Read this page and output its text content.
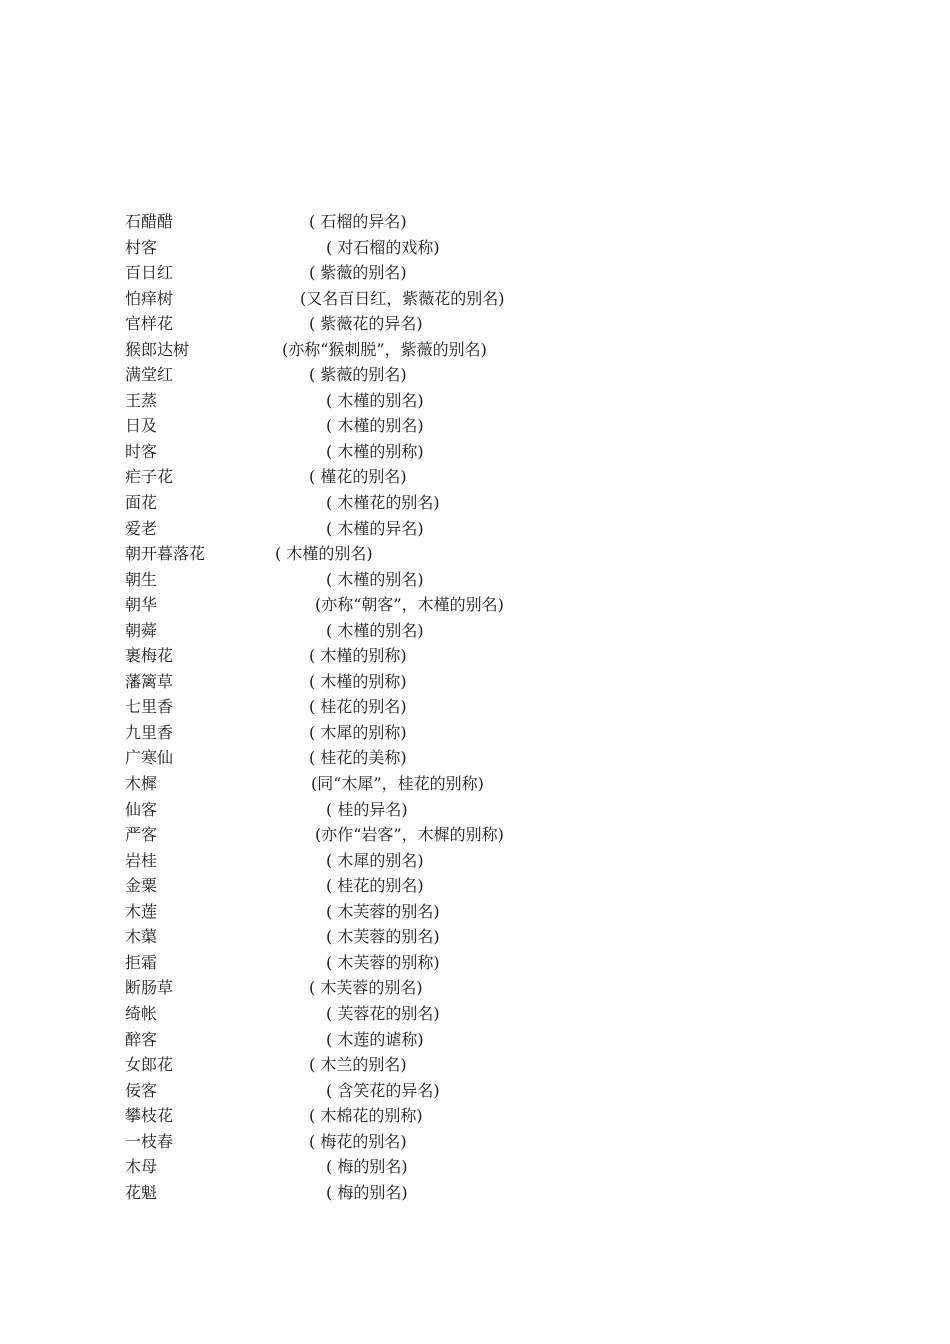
石醋醋	( 石榴的异名)
村客	( 对石榴的戏称)
百日红	( 紫薇的别名)
怕痒树	(又名百日红，紫薇花的别名)
官样花	( 紫薇花的异名)
猴郎达树	(亦称“猴刺脱”，紫薇的别名)
满堂红	( 紫薇的别名)
王蒸	( 木槿的别名)
日及	( 木槿的别名)
时客	( 木槿的别称)
疟子花	( 槿花的别名)
面花	( 木槿花的别名)
爱老	( 木槿的异名)
朝开暮落花	( 木槿的别名)
朝生	( 木槿的别名)
朝华	(亦称“朝客”，木槿的别名)
朝蕣	( 木槿的别名)
裹梅花	( 木槿的别称)
藩篱草	( 木槿的别称)
七里香	( 桂花的别名)
九里香	( 木犀的别称)
广寒仙	( 桂花的美称)
木樨	(同“木犀”，桂花的别称)
仙客	( 桂的异名)
严客	(亦作“岩客”，木樨的别称)
岩桂	( 木犀的别名)
金粟	( 桂花的别名)
木莲	( 木芙蓉的别名)
木蕖	( 木芙蓉的别名)
拒霜	( 木芙蓉的别称)
断肠草	( 木芙蓉的别名)
绮帐	( 芙蓉花的别名)
醉客	( 木莲的谑称)
女郎花	( 木兰的别名)
佞客	( 含笑花的异名)
攀枝花	( 木棉花的别称)
一枝春	( 梅花的别名)
木母	( 梅的别名)
花魁	( 梅的别名)
